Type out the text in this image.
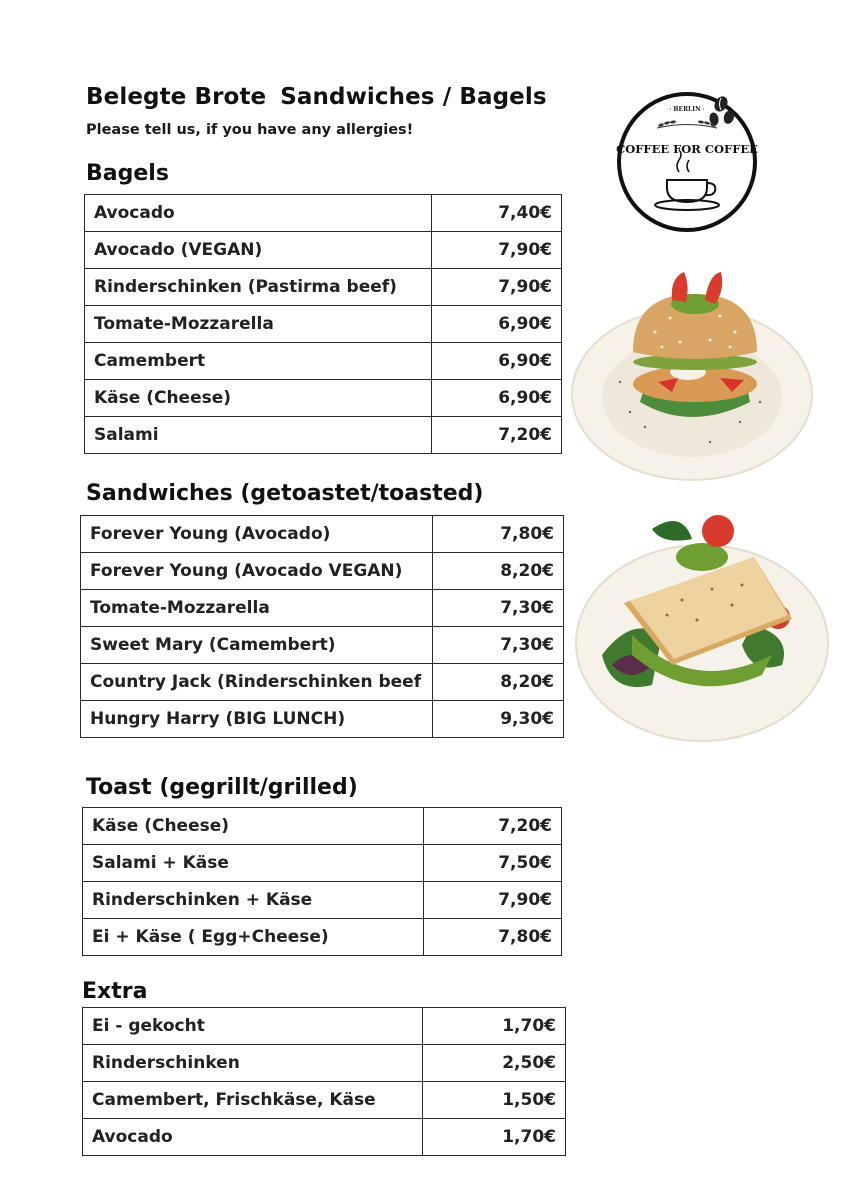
Belegte Brote Sandwiches / Bagels
Please tell us, if you have any allergies!
· BERLIN ·
COFFEE FOR COFFEE
Bagels
Avocado	7,40€
Avocado (VEGAN)	7,90€
Rinderschinken (Pastirma beef)	7,90€
Tomate-Mozzarella	6,90€
Camembert	6,90€
Käse (Cheese)	6,90€
Salami	7,20€
Sandwiches (getoastet/toasted)
Forever Young (Avocado)	7,80€
Forever Young (Avocado VEGAN)	8,20€
Tomate-Mozzarella	7,30€
Sweet Mary (Camembert)	7,30€
Country Jack (Rinderschinken beef	8,20€
Hungry Harry (BIG LUNCH)	9,30€
Toast (gegrillt/grilled)
Käse (Cheese)	7,20€
Salami + Käse	7,50€
Rinderschinken + Käse	7,90€
Ei + Käse ( Egg+Cheese)	7,80€
Extra
Ei - gekocht	1,70€
Rinderschinken	2,50€
Camembert, Frischkäse, Käse	1,50€
Avocado	1,70€
